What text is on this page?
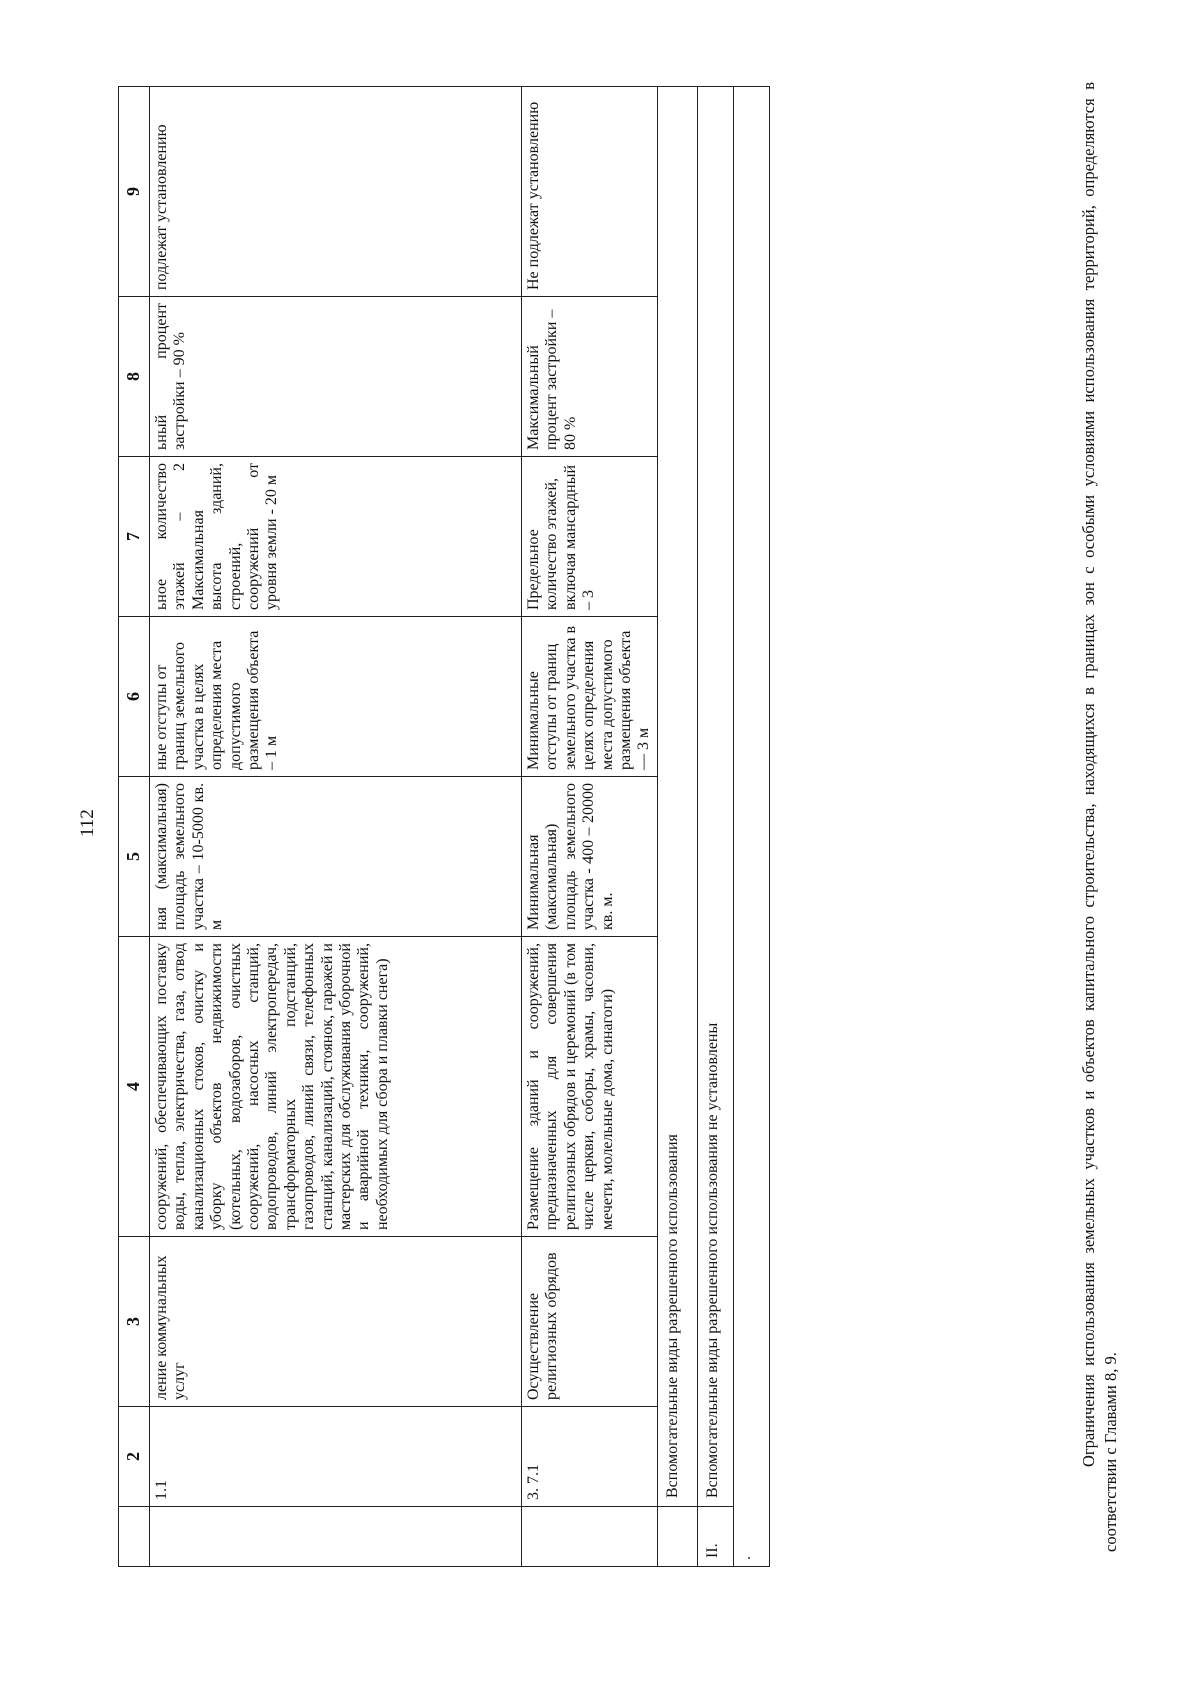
112
	2	3	4	5	6	7	8	9
	1.1	ление коммунальных услуг	сооружений, обеспечивающих поставку воды, тепла, электричества, газа, отвод канализационных стоков, очистку и уборку объектов недвижимости (котельных, водозаборов, очистных сооружений, насосных станций, водопроводов, линий электропередач, трансформаторных подстанций, газопроводов, линий связи, телефонных станций, канализаций, стоянок, гаражей и мастерских для обслуживания уборочной и аварийной техники, сооружений, необходимых для сбора и плавки снега)	ная (максимальная) площадь земельного участка – 10-5000 кв. м	ные отступы от границ земельного участка в целях определения места допустимого размещения объекта – 1 м	ьное количество этажей – 2 Максимальная высота зданий, строений, сооружений от уровня земли - 20 м	ьный процент застройки – 90 %	подлежат установлению
	3. 7.1	Осуществление религиозных обрядов	Размещение зданий и сооружений, предназначенных для совершения религиозных обрядов и церемоний (в том числе церкви, соборы, храмы, часовни, мечети, молельные дома, синагоги)	Минимальная (максимальная) площадь земельного участка - 400 – 20000 кв. м.	Минимальные отступы от границ земельного участка в целях определения места допустимого размещения объекта — 3 м	Предельное количество этажей, включая мансардный – 3	Максимальный процент застройки – 80 %	Не подлежат установлению
	Вспомогательные виды разрешенного использования							
II.	Вспомогательные виды разрешенного использования не установлены							
.								
Ограничения использования земельных участков и объектов капитального строительства, находящихся в границах зон с особыми условиями использования территорий, определяются в соответствии с Главами 8, 9.
